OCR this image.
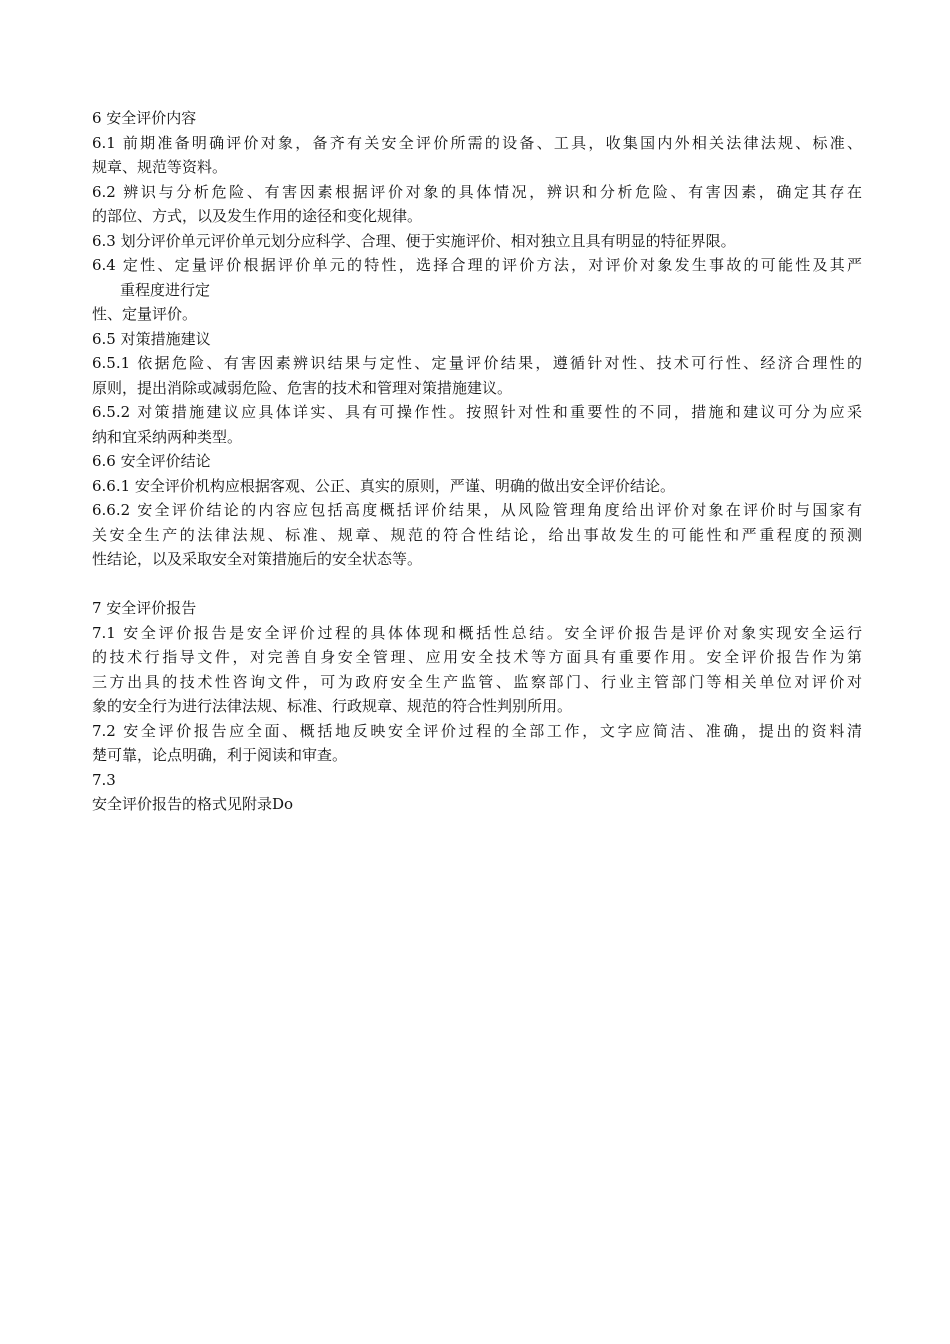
6 安全评价内容
6.1 前期准备明确评价对象，备齐有关安全评价所需的设备、工具，收集国内外相关法律法规、标准、
规章、规范等资料。
6.2 辨识与分析危险、有害因素根据评价对象的具体情况，辨识和分析危险、有害因素，确定其存在
的部位、方式，以及发生作用的途径和变化规律。
6.3 划分评价单元评价单元划分应科学、合理、便于实施评价、相对独立且具有明显的特征界限。
6.4 定性、定量评价根据评价单元的特性，选择合理的评价方法，对评价对象发生事故的可能性及其严
重程度进行定
性、定量评价。
6.5 对策措施建议
6.5.1 依据危险、有害因素辨识结果与定性、定量评价结果，遵循针对性、技术可行性、经济合理性的
原则，提出消除或减弱危险、危害的技术和管理对策措施建议。
6.5.2 对策措施建议应具体详实、具有可操作性。按照针对性和重要性的不同，措施和建议可分为应采
纳和宜采纳两种类型。
6.6 安全评价结论
6.6.1 安全评价机构应根据客观、公正、真实的原则，严谨、明确的做出安全评价结论。
6.6.2 安全评价结论的内容应包括高度概括评价结果，从风险管理角度给出评价对象在评价时与国家有
关安全生产的法律法规、标准、规章、规范的符合性结论，给出事故发生的可能性和严重程度的预测
性结论，以及采取安全对策措施后的安全状态等。
7 安全评价报告
7.1 安全评价报告是安全评价过程的具体体现和概括性总结。安全评价报告是评价对象实现安全运行
的技术行指导文件，对完善自身安全管理、应用安全技术等方面具有重要作用。安全评价报告作为第
三方出具的技术性咨询文件，可为政府安全生产监管、监察部门、行业主管部门等相关单位对评价对
象的安全行为进行法律法规、标准、行政规章、规范的符合性判别所用。
7.2 安全评价报告应全面、概括地反映安全评价过程的全部工作，文字应简洁、准确，提出的资料清
楚可靠，论点明确，利于阅读和审查。
7.3
安全评价报告的格式见附录Do
